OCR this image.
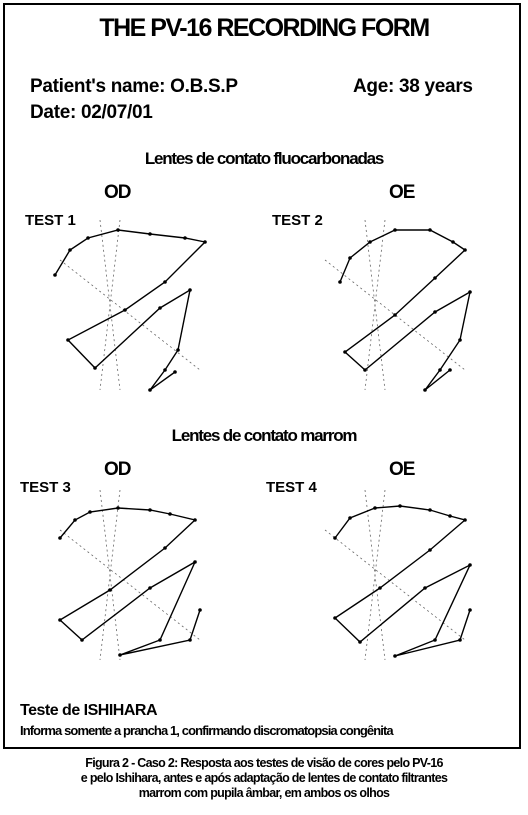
THE PV-16 RECORDING FORM
Patient's name: O.B.S.P	Age: 38 years
Date: 02/07/01
Lentes de contato fluocarbonadas
Lentes de contato marrom
OD	OE
OD	OE
TEST 1	TEST 2
TEST 3	TEST 4
Teste de ISHIHARA
Informa somente a prancha 1, confirmando discromatopsia congênita
Figura 2 - Caso 2: Resposta aos testes de visão de cores pelo PV-16
e pelo Ishihara, antes e após adaptação de lentes de contato filtrantes
marrom com pupila âmbar, em ambos os olhos
